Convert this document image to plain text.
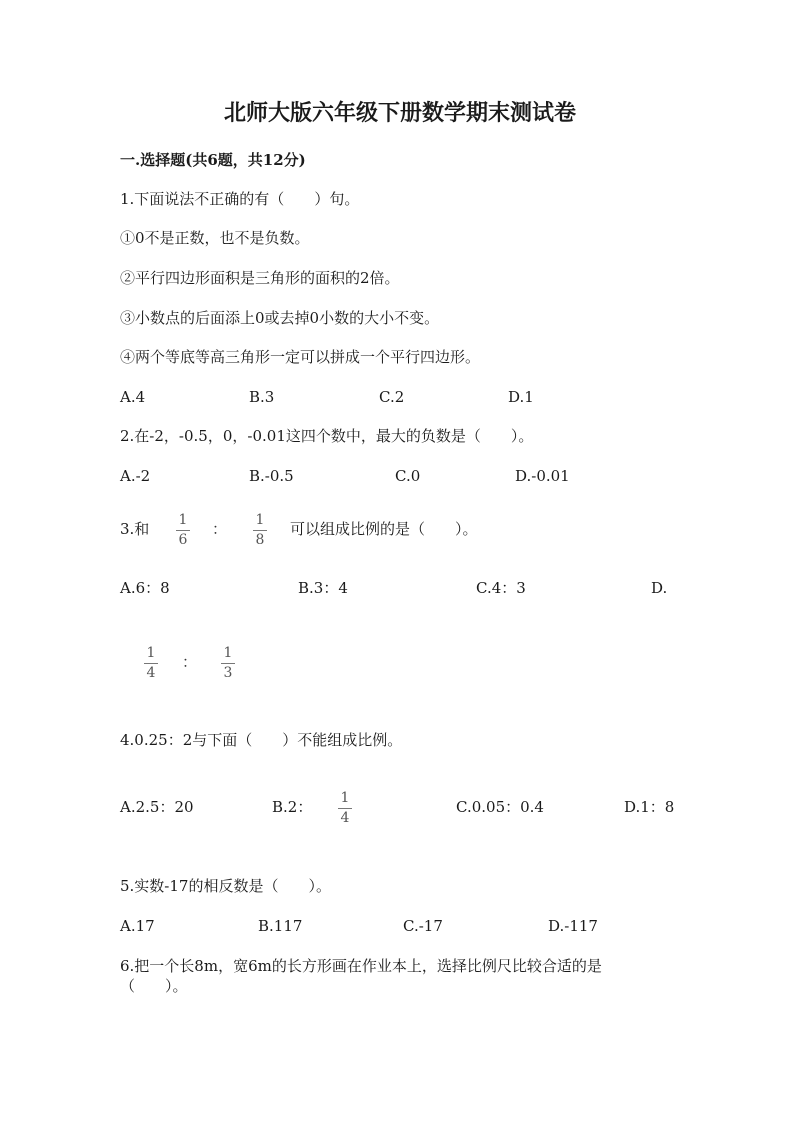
北师大版六年级下册数学期末测试卷
一.选择题(共6题，共12分)
1.下面说法不正确的有（　　）句。
①0不是正数，也不是负数。
②平行四边形面积是三角形的面积的2倍。
③小数点的后面添上0或去掉0小数的大小不变。
④两个等底等高三角形一定可以拼成一个平行四边形。
A.4	B.3	C.2	D.1
2.在-2，-0.5，0，-0.01这四个数中，最大的负数是（　　）。
A.-2	B.-0.5	C.0	D.-0.01
3.和	1
6
：	1
8
可以组成比例的是（　　）。
A.6：8	B.3：4	C.4：3	D.
1
4
：	1
3
4.0.25：2与下面（　　）不能组成比例。
A.2.5：20	B.2：	1
4
C.0.05：0.4	D.1：8
5.实数-17的相反数是（　　）。
A.17	B.117	C.-17	D.-117
6.把一个长8m，宽6m的长方形画在作业本上，选择比例尺比较合适的是
（　　）。
